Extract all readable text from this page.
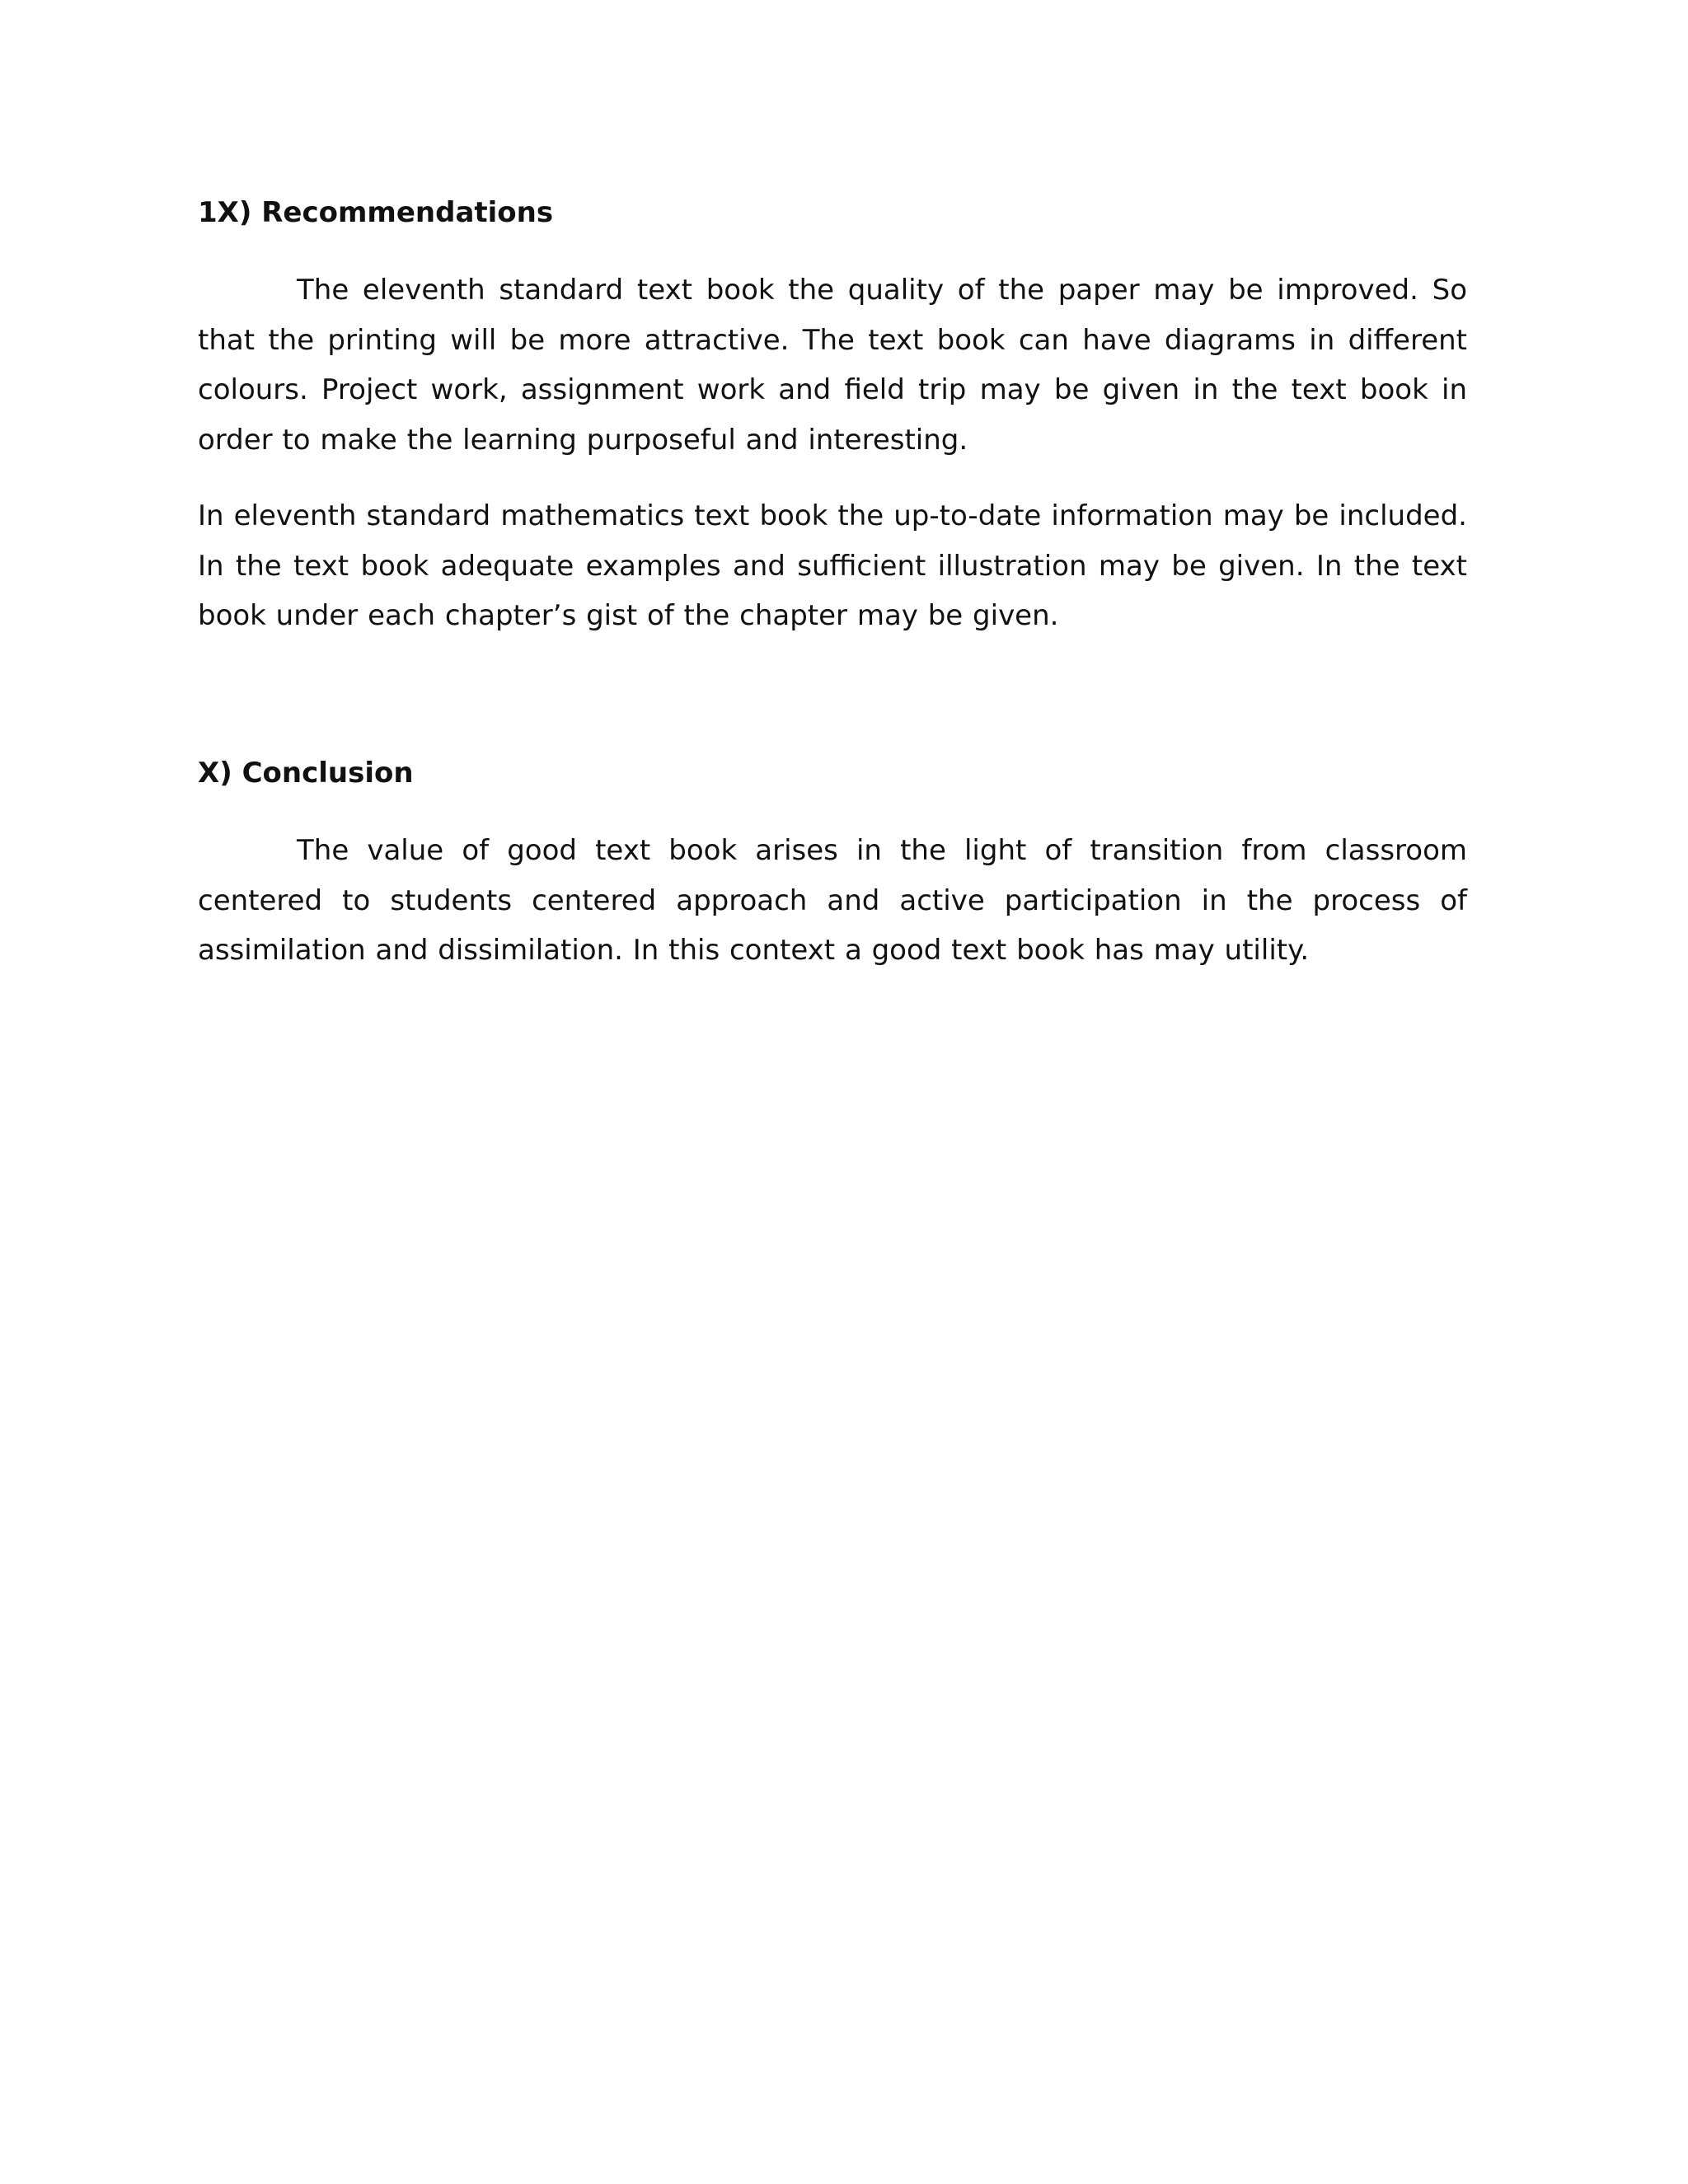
1X) Recommendations

The eleventh standard text book the quality of the paper may be improved. So that the printing will be more attractive. The text book can have diagrams in different colours. Project work, assignment work and field trip may be given in the text book in order to make the learning purposeful and interesting.

In eleventh standard mathematics text book the up-to-date information may be included. In the text book adequate examples and sufficient illustration may be given. In the text book under each chapter’s gist of the chapter may be given.

X) Conclusion

The value of good text book arises in the light of transition from classroom centered to students centered approach and active participation in the process of assimilation and dissimilation. In this context a good text book has may utility.
